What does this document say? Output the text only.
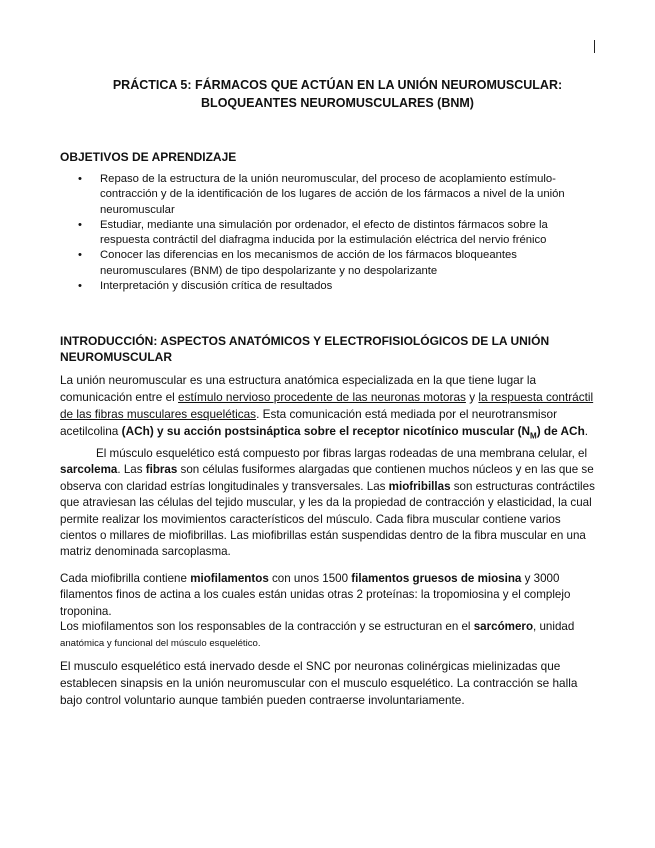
PRÁCTICA 5: FÁRMACOS QUE ACTÚAN EN LA UNIÓN NEUROMUSCULAR:
BLOQUEANTES NEUROMUSCULARES (BNM)
OBJETIVOS DE APRENDIZAJE
• Repaso de la estructura de la unión neuromuscular, del proceso de acoplamiento estímulo-contracción y de la identificación de los lugares de acción de los fármacos a nivel de la unión neuromuscular
• Estudiar, mediante una simulación por ordenador, el efecto de distintos fármacos sobre la respuesta contráctil del diafragma inducida por la estimulación eléctrica del nervio frénico
• Conocer las diferencias en los mecanismos de acción de los fármacos bloqueantes neuromusculares (BNM) de tipo despolarizante y no despolarizante
• Interpretación y discusión crítica de resultados
INTRODUCCIÓN: ASPECTOS ANATÓMICOS Y ELECTROFISIOLÓGICOS DE LA UNIÓN
NEUROMUSCULAR
La unión neuromuscular es una estructura anatómica especializada en la que tiene lugar la comunicación entre el estímulo nervioso procedente de las neuronas motoras y la respuesta contráctil de las fibras musculares esqueléticas. Esta comunicación está mediada por el neurotransmisor acetilcolina (ACh) y su acción postsináptica sobre el receptor nicotínico muscular $(N_M)$ de ACh.
El músculo esquelético está compuesto por fibras largas rodeadas de una membrana celular, el sarcolema. Las fibras son células fusiformes alargadas que contienen muchos núcleos y en las que se observa con claridad estrías longitudinales y transversales. Las miofribillas son estructuras contráctiles que atraviesan las células del tejido muscular, y les da la propiedad de contracción y elasticidad, la cual permite realizar los movimientos característicos del músculo. Cada fibra muscular contiene varios cientos o millares de miofibrillas. Las miofibrillas están suspendidas dentro de la fibra muscular en una matriz denominada sarcoplasma.
Cada miofibrilla contiene miofilamentos con unos 1500 filamentos gruesos de miosina y 3000 filamentos finos de actina a los cuales están unidas otras 2 proteínas: la tropomiosina y el complejo troponina.
Los miofilamentos son los responsables de la contracción y se estructuran en el sarcómero, unidad anatómica y funcional del músculo esquelético.
El musculo esquelético está inervado desde el SNC por neuronas colinérgicas mielinizadas que establecen sinapsis en la unión neuromuscular con el musculo esquelético. La contracción se halla bajo control voluntario aunque también pueden contraerse involuntariamente.
